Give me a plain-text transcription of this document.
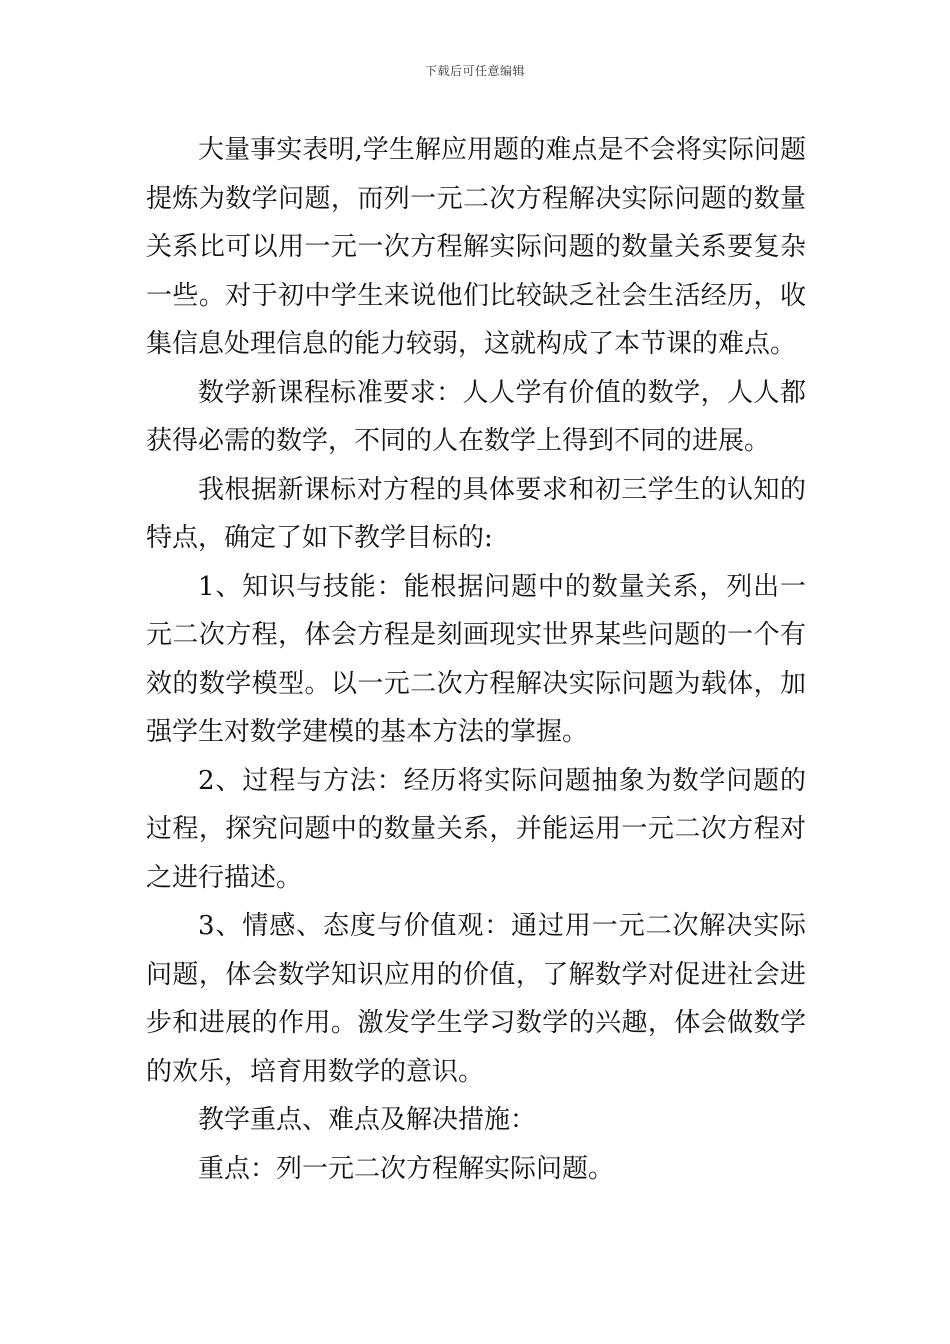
下载后可任意编辑

大量事实表明,学生解应用题的难点是不会将实际问题提炼为数学问题，而列一元二次方程解决实际问题的数量关系比可以用一元一次方程解实际问题的数量关系要复杂一些。对于初中学生来说他们比较缺乏社会生活经历，收集信息处理信息的能力较弱，这就构成了本节课的难点。

数学新课程标准要求：人人学有价值的数学，人人都获得必需的数学，不同的人在数学上得到不同的进展。

我根据新课标对方程的具体要求和初三学生的认知的特点，确定了如下教学目标的:

1、知识与技能：能根据问题中的数量关系，列出一元二次方程，体会方程是刻画现实世界某些问题的一个有效的数学模型。以一元二次方程解决实际问题为载体，加强学生对数学建模的基本方法的掌握。

2、过程与方法：经历将实际问题抽象为数学问题的过程，探究问题中的数量关系，并能运用一元二次方程对之进行描述。

3、情感、态度与价值观：通过用一元二次解决实际问题，体会数学知识应用的价值，了解数学对促进社会进步和进展的作用。激发学生学习数学的兴趣，体会做数学的欢乐，培育用数学的意识。

教学重点、难点及解决措施：

重点：列一元二次方程解实际问题。
